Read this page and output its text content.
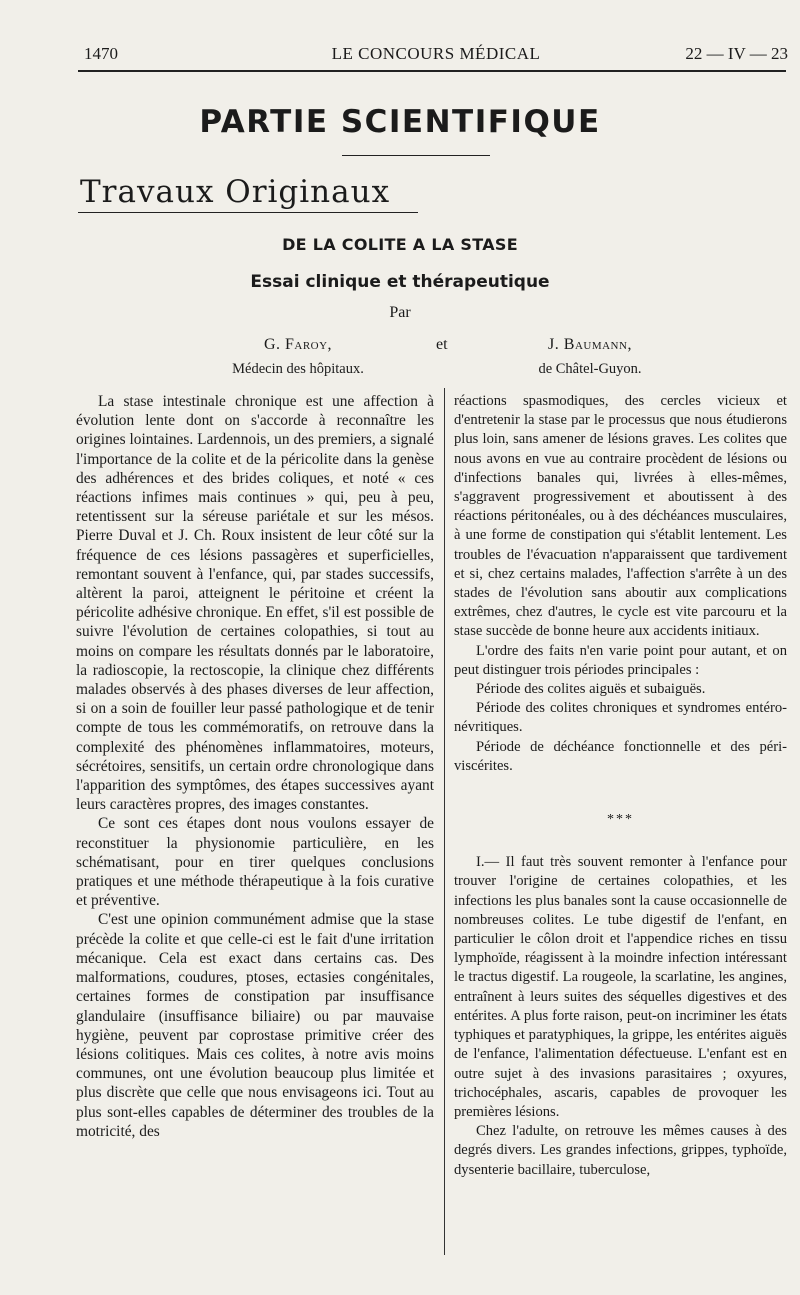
1470	LE CONCOURS MÉDICAL	22 — IV — 23
PARTIE SCIENTIFIQUE
Travaux Originaux
DE LA COLITE A LA STASE
Essai clinique et thérapeutique
Par
G. Faroy,
Médecin des hôpitaux.
et	J. Baumann,
de Châtel-Guyon.

La stase intestinale chronique est une affection à évolution lente dont on s'accorde à reconnaître les origines lointaines. Lardennois, un des premiers, a signalé l'importance de la colite et de la péricolite dans la genèse des adhérences et des brides coliques, et noté « ces réactions infimes mais continues » qui, peu à peu, retentissent sur la séreuse pariétale et sur les mésos. Pierre Duval et J. Ch. Roux insistent de leur côté sur la fréquence de ces lésions passagères et superficielles, remontant souvent à l'enfance, qui, par stades successifs, altèrent la paroi, atteignent le péritoine et créent la péricolite adhésive chronique. En effet, s'il est possible de suivre l'évolution de certaines colopathies, si tout au moins on compare les résultats donnés par le laboratoire, la radioscopie, la rectoscopie, la clinique chez différents malades observés à des phases diverses de leur affection, si on a soin de fouiller leur passé pathologique et de tenir compte de tous les commémoratifs, on retrouve dans la complexité des phénomènes inflammatoires, moteurs, sécrétoires, sensitifs, un certain ordre chronologique dans l'apparition des symptômes, des étapes successives ayant leurs caractères propres, des images constantes.

Ce sont ces étapes dont nous voulons essayer de reconstituer la physionomie particulière, en les schématisant, pour en tirer quelques conclusions pratiques et une méthode thérapeutique à la fois curative et préventive.

C'est une opinion communément admise que la stase précède la colite et que celle-ci est le fait d'une irritation mécanique. Cela est exact dans certains cas. Des malformations, coudures, ptoses, ectasies congénitales, certaines formes de constipation par insuffisance glandulaire (insuffisance biliaire) ou par mauvaise hygiène, peuvent par coprostase primitive créer des lésions colitiques. Mais ces colites, à notre avis moins communes, ont une évolution beaucoup plus limitée et plus discrète que celle que nous envisageons ici. Tout au plus sont-elles capables de déterminer des troubles de la motricité, des

réactions spasmodiques, des cercles vicieux et d'entretenir la stase par le processus que nous étudierons plus loin, sans amener de lésions graves. Les colites que nous avons en vue au contraire procèdent de lésions ou d'infections banales qui, livrées à elles-mêmes, s'aggravent progressivement et aboutissent à des réactions péritonéales, ou à des déchéances musculaires, à une forme de constipation qui s'établit lentement. Les troubles de l'évacuation n'apparaissent que tardivement et si, chez certains malades, l'affection s'arrête à un des stades de l'évolution sans aboutir aux complications extrêmes, chez d'autres, le cycle est vite parcouru et la stase succède de bonne heure aux accidents initiaux.

L'ordre des faits n'en varie point pour autant, et on peut distinguer trois périodes principales :

Période des colites aiguës et subaiguës.

Période des colites chroniques et syndromes entéro-névritiques.

Période de déchéance fonctionnelle et des péri-viscérites.

***

I.— Il faut très souvent remonter à l'enfance pour trouver l'origine de certaines colopathies, et les infections les plus banales sont la cause occasionnelle de nombreuses colites. Le tube digestif de l'enfant, en particulier le côlon droit et l'appendice riches en tissu lymphoïde, réagissent à la moindre infection intéressant le tractus digestif. La rougeole, la scarlatine, les angines, entraînent à leurs suites des séquelles digestives et des entérites. A plus forte raison, peut-on incriminer les états typhiques et paratyphiques, la grippe, les entérites aiguës de l'enfance, l'alimentation défectueuse. L'enfant est en outre sujet à des invasions parasitaires ; oxyures, trichocéphales, ascaris, capables de provoquer les premières lésions.

Chez l'adulte, on retrouve les mêmes causes à des degrés divers. Les grandes infections, grippes, typhoïde, dysenterie bacillaire, tuberculose,
